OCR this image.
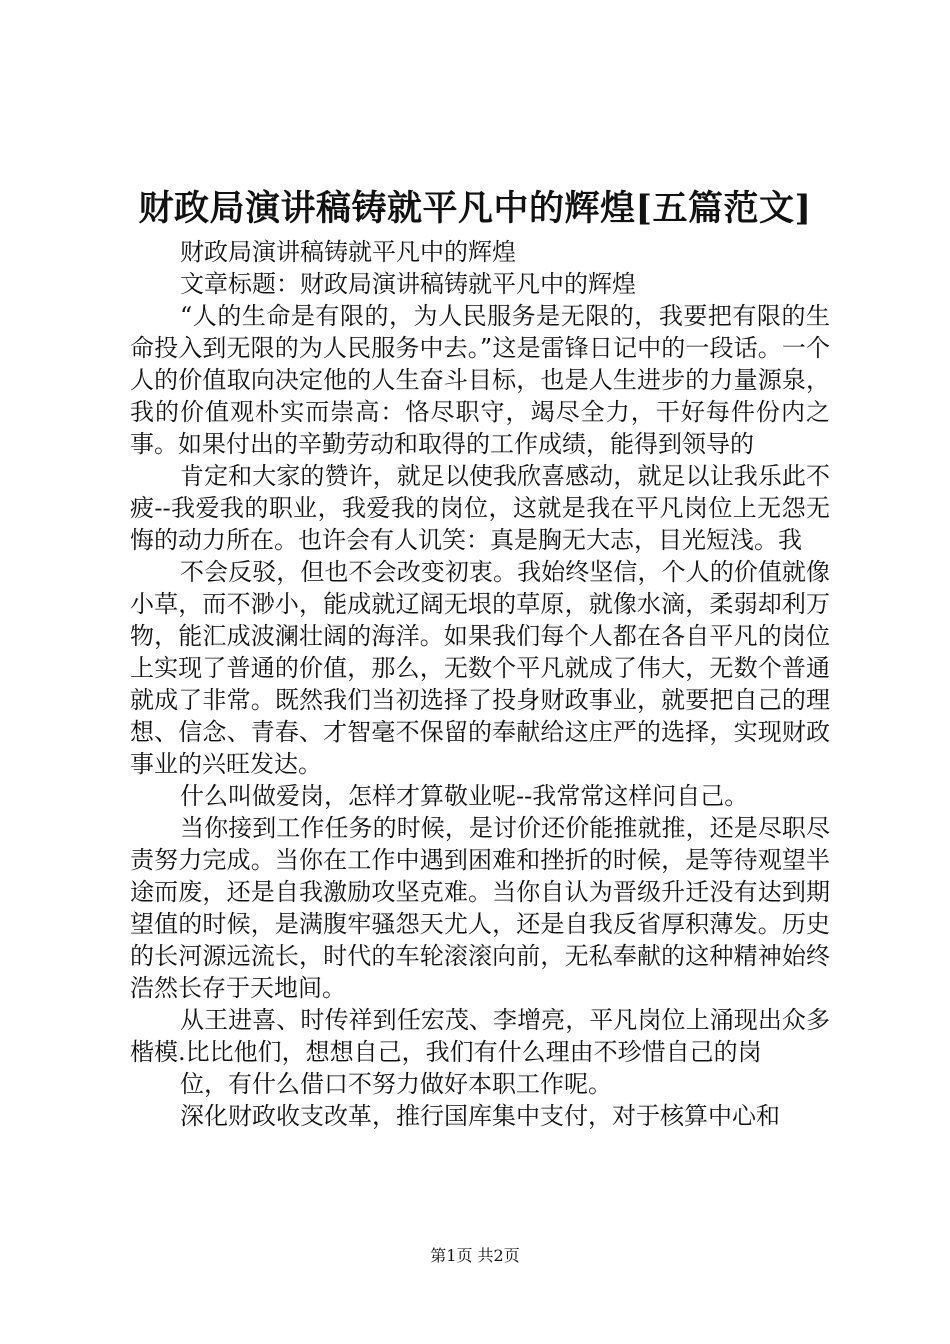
财政局演讲稿铸就平凡中的辉煌[五篇范文]

财政局演讲稿铸就平凡中的辉煌

文章标题：财政局演讲稿铸就平凡中的辉煌

“人的生命是有限的，为人民服务是无限的，我要把有限的生命投入到无限的为人民服务中去。”这是雷锋日记中的一段话。一个人的价值取向决定他的人生奋斗目标，也是人生进步的力量源泉，我的价值观朴实而崇高：恪尽职守，竭尽全力，干好每件份内之事。如果付出的辛勤劳动和取得的工作成绩，能得到领导的

肯定和大家的赞许，就足以使我欣喜感动，就足以让我乐此不疲--我爱我的职业，我爱我的岗位，这就是我在平凡岗位上无怨无悔的动力所在。也许会有人讥笑：真是胸无大志，目光短浅。我

不会反驳，但也不会改变初衷。我始终坚信，个人的价值就像小草，而不渺小，能成就辽阔无垠的草原，就像水滴，柔弱却利万物，能汇成波澜壮阔的海洋。如果我们每个人都在各自平凡的岗位上实现了普通的价值，那么，无数个平凡就成了伟大，无数个普通就成了非常。既然我们当初选择了投身财政事业，就要把自己的理想、信念、青春、才智毫不保留的奉献给这庄严的选择，实现财政事业的兴旺发达。

什么叫做爱岗，怎样才算敬业呢--我常常这样问自己。

当你接到工作任务的时候，是讨价还价能推就推，还是尽职尽责努力完成。当你在工作中遇到困难和挫折的时候，是等待观望半途而废，还是自我激励攻坚克难。当你自认为晋级升迁没有达到期望值的时候，是满腹牢骚怨天尤人，还是自我反省厚积薄发。历史的长河源远流长，时代的车轮滚滚向前，无私奉献的这种精神始终浩然长存于天地间。

从王进喜、时传祥到任宏茂、李增亮，平凡岗位上涌现出众多楷模.比比他们，想想自己，我们有什么理由不珍惜自己的岗

位，有什么借口不努力做好本职工作呢。

深化财政收支改革，推行国库集中支付，对于核算中心和

第1页 共2页
